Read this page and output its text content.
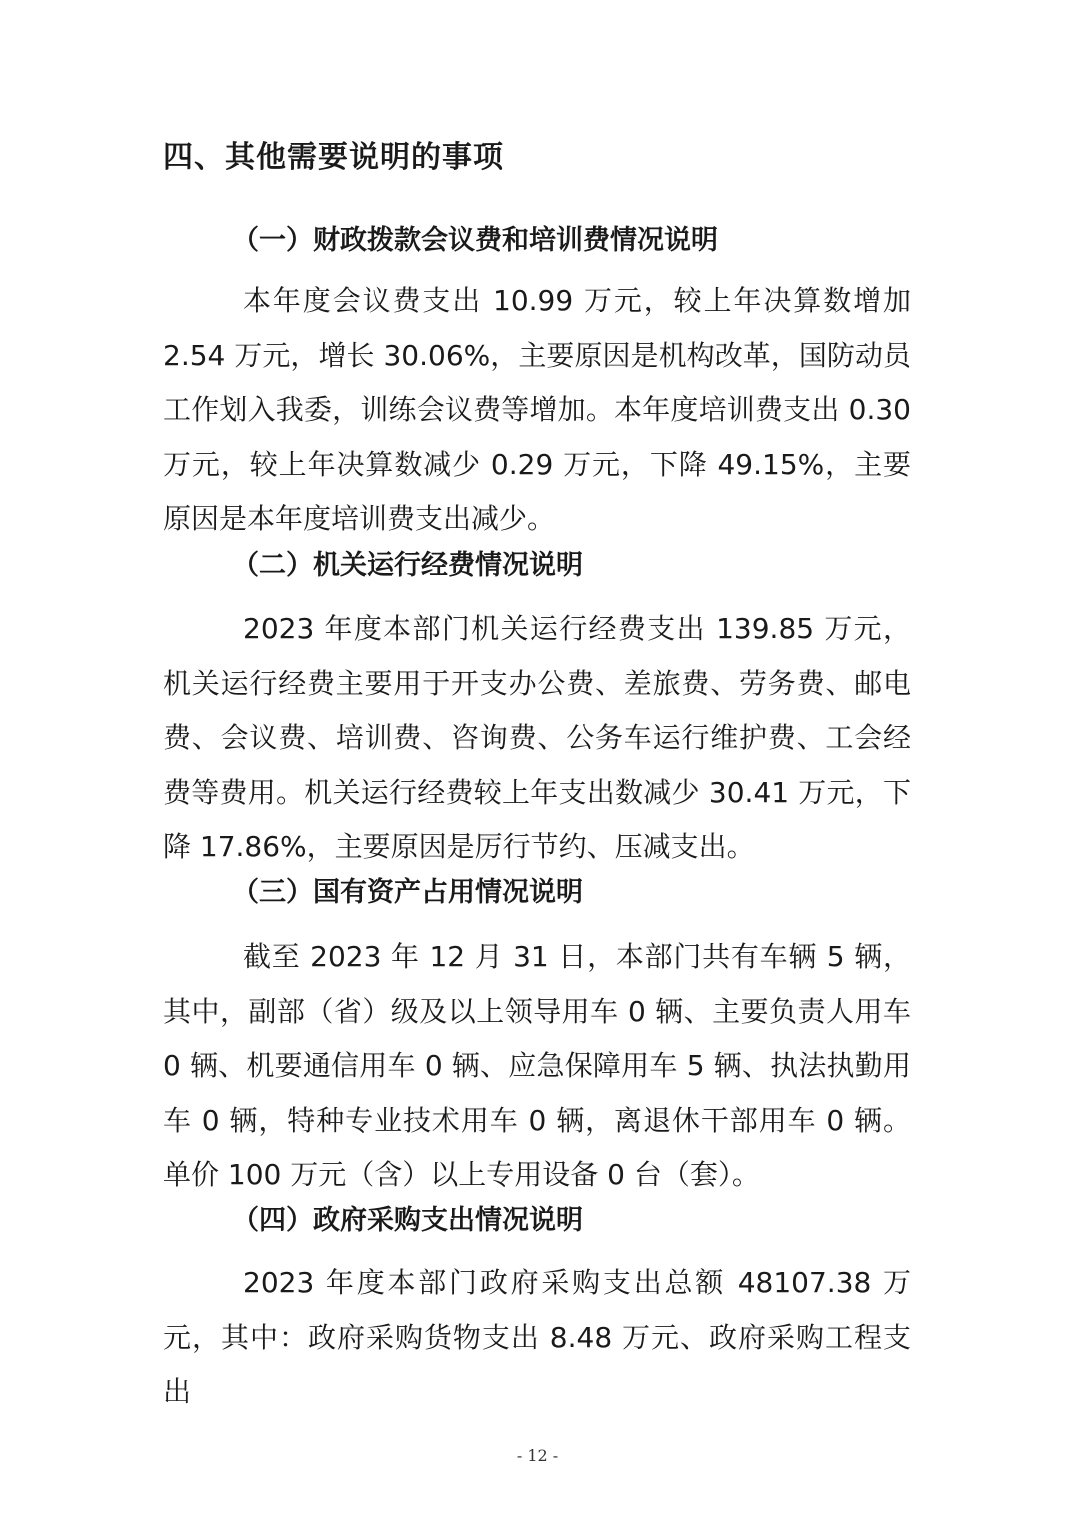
四、其他需要说明的事项
（一）财政拨款会议费和培训费情况说明

本年度会议费支出 10.99 万元，较上年决算数增加 2.54 万元，增长 30.06%，主要原因是机构改革，国防动员工作划入我委，训练会议费等增加。本年度培训费支出 0.30 万元，较上年决算数减少 0.29 万元，下降 49.15%，主要原因是本年度培训费支出减少。

（二）机关运行经费情况说明

2023 年度本部门机关运行经费支出 139.85 万元，机关运行经费主要用于开支办公费、差旅费、劳务费、邮电费、会议费、培训费、咨询费、公务车运行维护费、工会经费等费用。机关运行经费较上年支出数减少 30.41 万元，下降 17.86%，主要原因是厉行节约、压减支出。

（三）国有资产占用情况说明

截至 2023 年 12 月 31 日，本部门共有车辆 5 辆，其中，副部（省）级及以上领导用车 0 辆、主要负责人用车 0 辆、机要通信用车 0 辆、应急保障用车 5 辆、执法执勤用车 0 辆，特种专业技术用车 0 辆，离退休干部用车 0 辆。单价 100 万元（含）以上专用设备 0 台（套）。

（四）政府采购支出情况说明

2023 年度本部门政府采购支出总额 48107.38 万元，其中：政府采购货物支出 8.48 万元、政府采购工程支出

- 12 -
